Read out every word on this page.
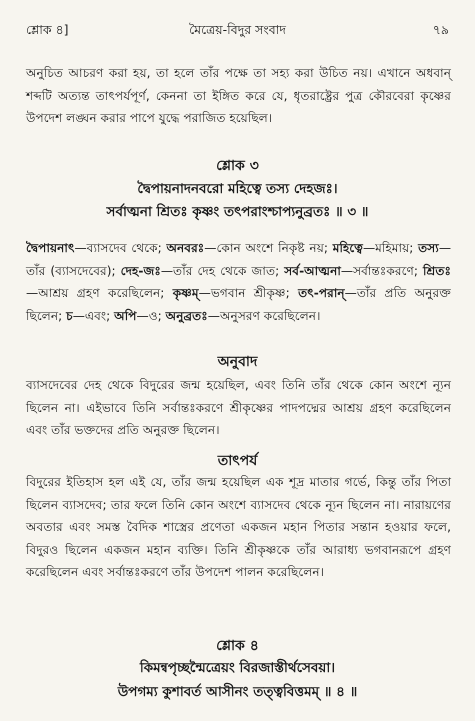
মৈত্রেয়-বিদুর সংবাদ
শ্লোক ৪]	৭৯
অনুচিত আচরণ করা হয়, তা হলে তাঁর পক্ষে তা সহ্য করা উচিত নয়। এখানে অধবান্‌ শব্দটি অত্যন্ত তাৎপর্যপূর্ণ, কেননা তা ইঙ্গিত করে যে, ধৃতরাষ্ট্রের পুত্র কৌরবেরা কৃষ্ণের উপদেশ লঙ্ঘন করার পাপে যুদ্ধে পরাজিত হয়েছিল।
শ্লোক ৩
দ্বৈপায়নাদনবরো মহিত্বে তস্য দেহজঃ।
সর্বাত্মনা শ্রিতঃ কৃষ্ণং তৎপরাংশ্চাপ্যনুব্রতঃ ॥ ৩ ॥
দ্বৈপায়নাৎ—ব্যাসদেব থেকে; অনবরঃ—কোন অংশে নিকৃষ্ট নয়; মহিত্বে—মহিমায়; তস্য—তাঁর (ব্যাসদেবের); দেহ-জঃ—তাঁর দেহ থেকে জাত; সর্ব-আত্মনা—সর্বান্তঃকরণে; শ্রিতঃ—আশ্রয় গ্রহণ করেছিলেন; কৃষ্ণম্—ভগবান শ্রীকৃষ্ণ; তৎ-পরান্—তাঁর প্রতি অনুরক্ত ছিলেন; চ—এবং; অপি—ও; অনুব্রতঃ—অনুসরণ করেছিলেন।
অনুবাদ
ব্যাসদেবের দেহ থেকে বিদুরের জন্ম হয়েছিল, এবং তিনি তাঁর থেকে কোন অংশে ন্যূন ছিলেন না। এইভাবে তিনি সর্বান্তঃকরণে শ্রীকৃষ্ণের পাদপদ্মের আশ্রয় গ্রহণ করেছিলেন এবং তাঁর ভক্তদের প্রতি অনুরক্ত ছিলেন।
তাৎপর্য
বিদুরের ইতিহাস হল এই যে, তাঁর জন্ম হয়েছিল এক শূদ্র মাতার গর্ভে, কিন্তু তাঁর পিতা ছিলেন ব্যাসদেব; তার ফলে তিনি কোন অংশে ব্যাসদেব থেকে ন্যূন ছিলেন না। নারায়ণের অবতার এবং সমস্ত বৈদিক শাস্ত্রের প্রণেতা একজন মহান পিতার সন্তান হওয়ার ফলে, বিদুরও ছিলেন একজন মহান ব্যক্তি। তিনি শ্রীকৃষ্ণকে তাঁর আরাধ্য ভগবানরূপে গ্রহণ করেছিলেন এবং সর্বান্তঃকরণে তাঁর উপদেশ পালন করেছিলেন।
শ্লোক ৪
কিমন্বপৃচ্ছন্মৈত্রেয়ং বিরজাস্তীর্থসেবয়া।
উপগম্য কুশাবর্ত আসীনং তত্ত্ববিত্তমম্‌ ॥ ৪ ॥
